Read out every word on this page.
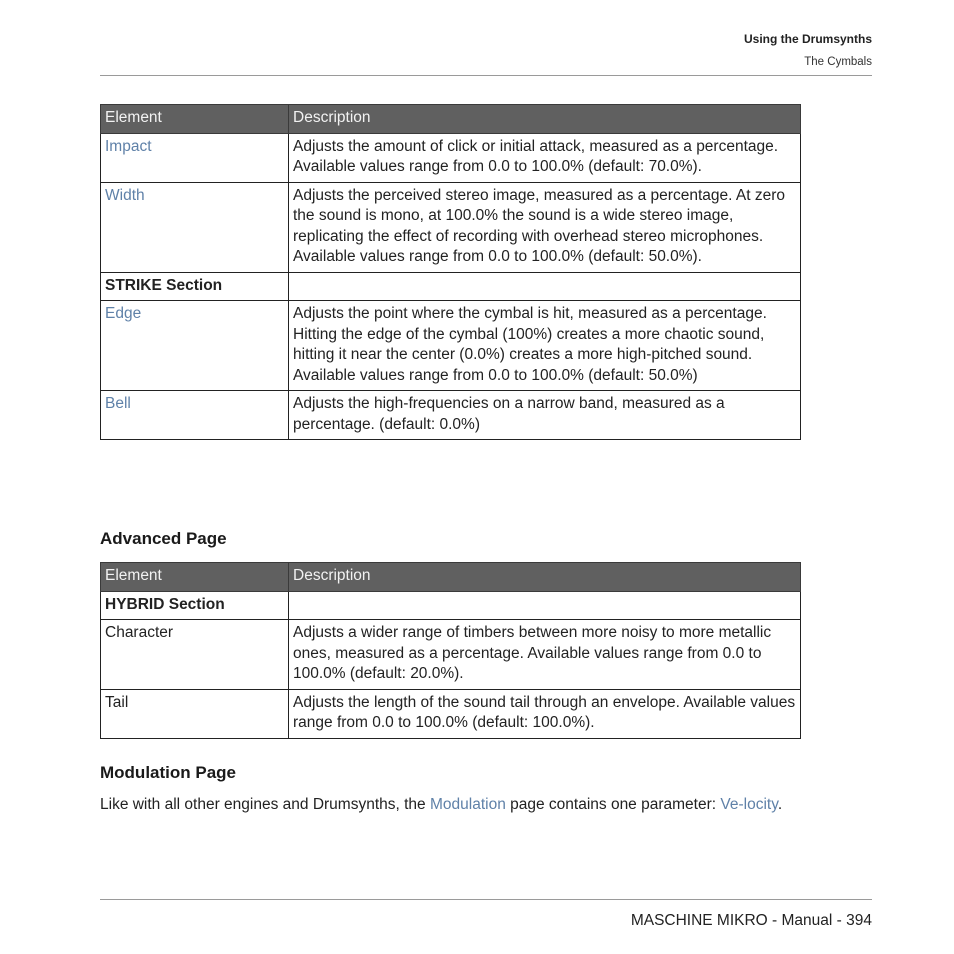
Using the Drumsynths
The Cymbals
Element	Description
Impact	Adjusts the amount of click or initial attack, measured as a percentage. Available values range from 0.0 to 100.0% (default: 70.0%).
Width	Adjusts the perceived stereo image, measured as a percentage. At zero the sound is mono, at 100.0% the sound is a wide stereo image, replicating the effect of recording with overhead stereo microphones. Available values range from 0.0 to 100.0% (default: 50.0%).
STRIKE Section	
Edge	Adjusts the point where the cymbal is hit, measured as a percentage. Hitting the edge of the cymbal (100%) creates a more chaotic sound, hitting it near the center (0.0%) creates a more high-pitched sound. Available values range from 0.0 to 100.0% (default: 50.0%)
Bell	Adjusts the high-frequencies on a narrow band, measured as a percentage. (default: 0.0%)
Advanced Page
Element	Description
HYBRID Section	
Character	Adjusts a wider range of timbers between more noisy to more metallic ones, measured as a percentage. Available values range from 0.0 to 100.0% (default: 20.0%).
Tail	Adjusts the length of the sound tail through an envelope. Available values range from 0.0 to 100.0% (default: 100.0%).
Modulation Page

Like with all other engines and Drumsynths, the Modulation page contains one parameter: Ve-locity.

MASCHINE MIKRO - Manual - 394
